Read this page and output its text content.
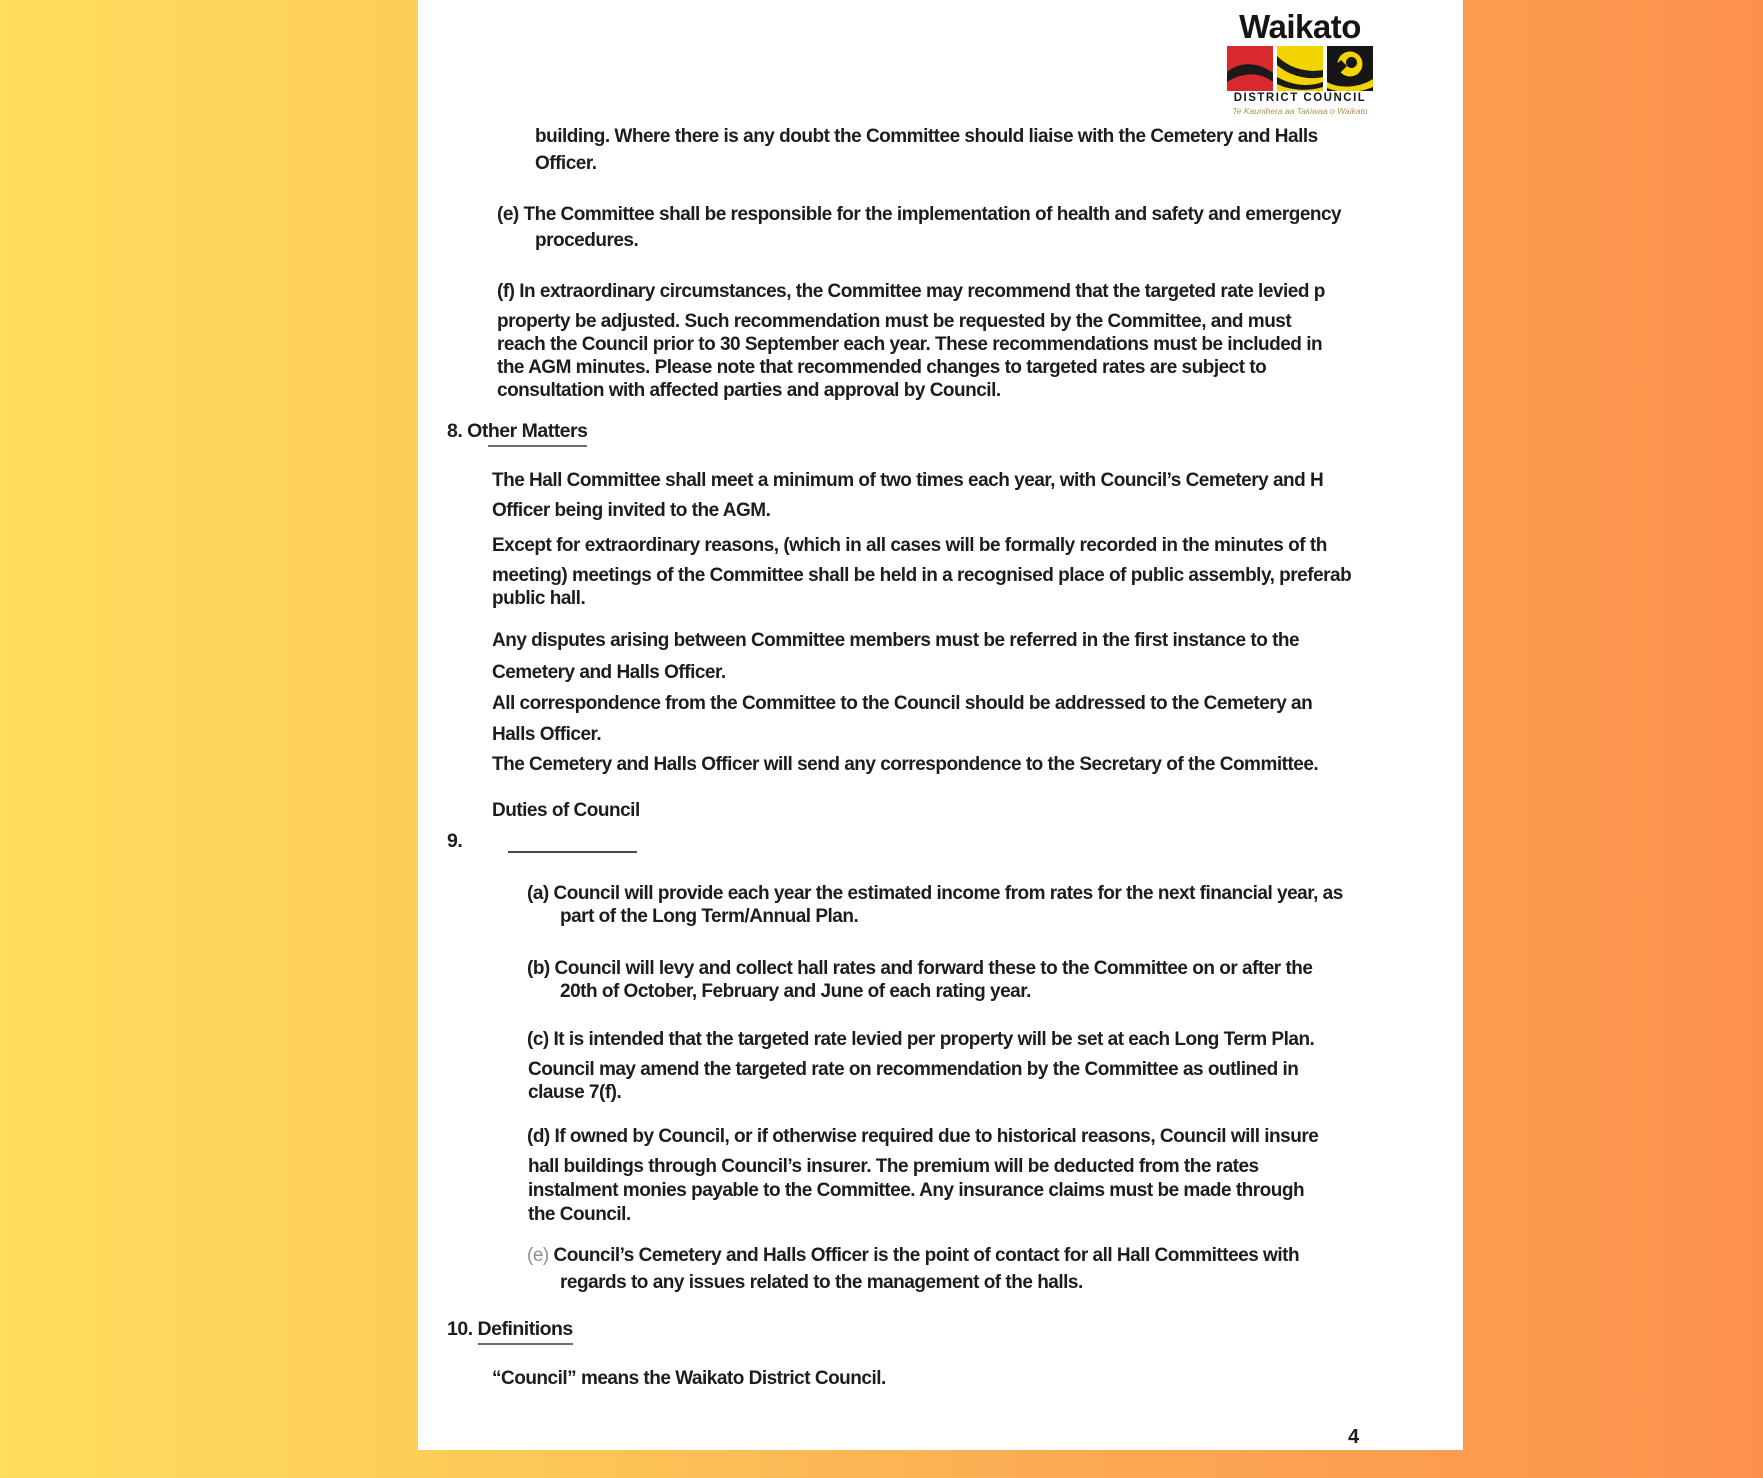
Waikato
DISTRICT COUNCIL
Te Kaunihera aa Takiwaa o Waikato
building. Where there is any doubt the Committee should liaise with the Cemetery and Halls
Officer.
(e) The Committee shall be responsible for the implementation of health and safety and emergency
procedures.
(f) In extraordinary circumstances, the Committee may recommend that the targeted rate levied p
property be adjusted. Such recommendation must be requested by the Committee, and must
reach the Council prior to 30 September each year. These recommendations must be included in
the AGM minutes. Please note that recommended changes to targeted rates are subject to
consultation with affected parties and approval by Council.
8. Other Matters
The Hall Committee shall meet a minimum of two times each year, with Council’s Cemetery and H
Officer being invited to the AGM.
Except for extraordinary reasons, (which in all cases will be formally recorded in the minutes of th
meeting) meetings of the Committee shall be held in a recognised place of public assembly, preferab
public hall.
Any disputes arising between Committee members must be referred in the first instance to the
Cemetery and Halls Officer.
All correspondence from the Committee to the Council should be addressed to the Cemetery an
Halls Officer.
The Cemetery and Halls Officer will send any correspondence to the Secretary of the Committee.
Duties of Council
9.
(a) Council will provide each year the estimated income from rates for the next financial year, as
part of the Long Term/Annual Plan.
(b) Council will levy and collect hall rates and forward these to the Committee on or after the
20th of October, February and June of each rating year.
(c) It is intended that the targeted rate levied per property will be set at each Long Term Plan.
Council may amend the targeted rate on recommendation by the Committee as outlined in
clause 7(f).
(d) If owned by Council, or if otherwise required due to historical reasons, Council will insure
hall buildings through Council’s insurer. The premium will be deducted from the rates
instalment monies payable to the Committee. Any insurance claims must be made through
the Council.
(e) Council’s Cemetery and Halls Officer is the point of contact for all Hall Committees with
regards to any issues related to the management of the halls.
10. Definitions
“Council” means the Waikato District Council.
4
